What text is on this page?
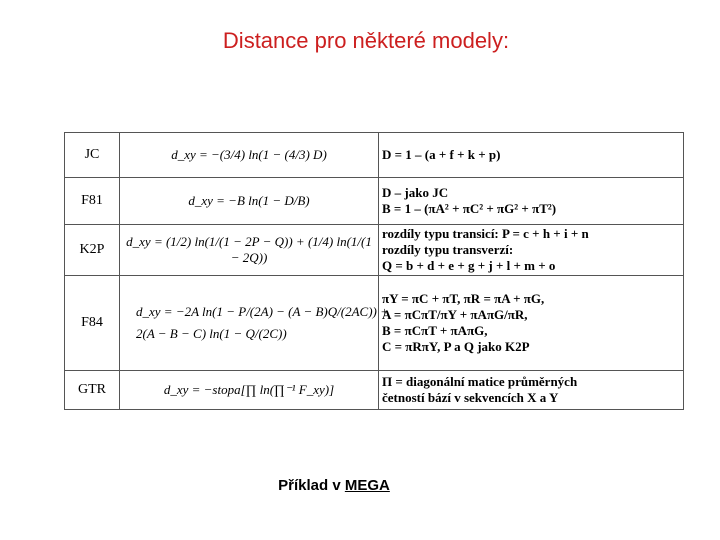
Distance pro některé modely:
JC	d_xy = −(3/4) ln(1 − (4/3) D)	D = 1 – (a + f + k + p)

F81	d_xy = −B ln(1 − D/B)	D – jako JC
B = 1 – (πA² + πC² + πG² + πT²)

K2P	d_xy = (1/2) ln(1/(1 − 2P − Q)) + (1/4) ln(1/(1 − 2Q))	rozdíly typu transicí: P = c + h + i + n
rozdíly typu transverzí:
Q = b + d + e + g + j + l + m + o

F84	d_xy = −2A ln(1 − P/(2A) − (A − B)Q/(2AC)) +
2(A − B − C) ln(1 − Q/(2C))	πY = πC + πT, πR = πA + πG,
A = πCπT/πY + πAπG/πR,
B = πCπT + πAπG,
C = πRπY, P a Q jako K2P

GTR	d_xy = −stopa[∏ ln(∏⁻¹ F_xy)]	Π = diagonální matice průměrných
četností bází v sekvencích X a Y
Příklad v MEGA
